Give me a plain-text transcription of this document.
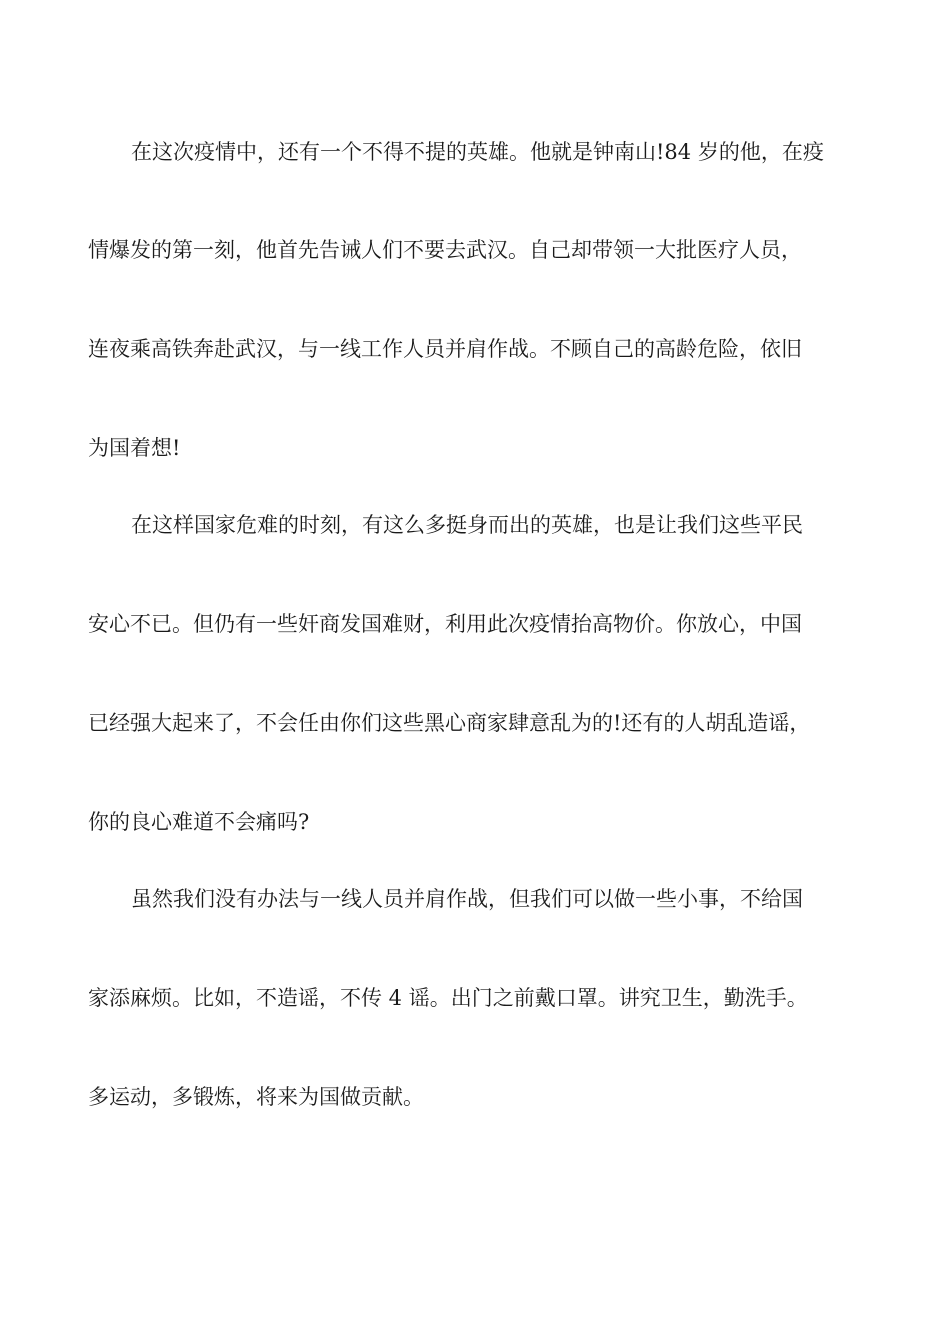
在这次疫情中，还有一个不得不提的英雄。他就是钟南山!84 岁的他，在疫
情爆发的第一刻，他首先告诫人们不要去武汉。自己却带领一大批医疗人员，
连夜乘高铁奔赴武汉，与一线工作人员并肩作战。不顾自己的高龄危险，依旧
为国着想!
在这样国家危难的时刻，有这么多挺身而出的英雄，也是让我们这些平民
安心不已。但仍有一些奸商发国难财，利用此次疫情抬高物价。你放心，中国
已经强大起来了，不会任由你们这些黑心商家肆意乱为的!还有的人胡乱造谣，
你的良心难道不会痛吗?
虽然我们没有办法与一线人员并肩作战，但我们可以做一些小事，不给国
家添麻烦。比如，不造谣，不传 4 谣。出门之前戴口罩。讲究卫生，勤洗手。
多运动，多锻炼，将来为国做贡献。
